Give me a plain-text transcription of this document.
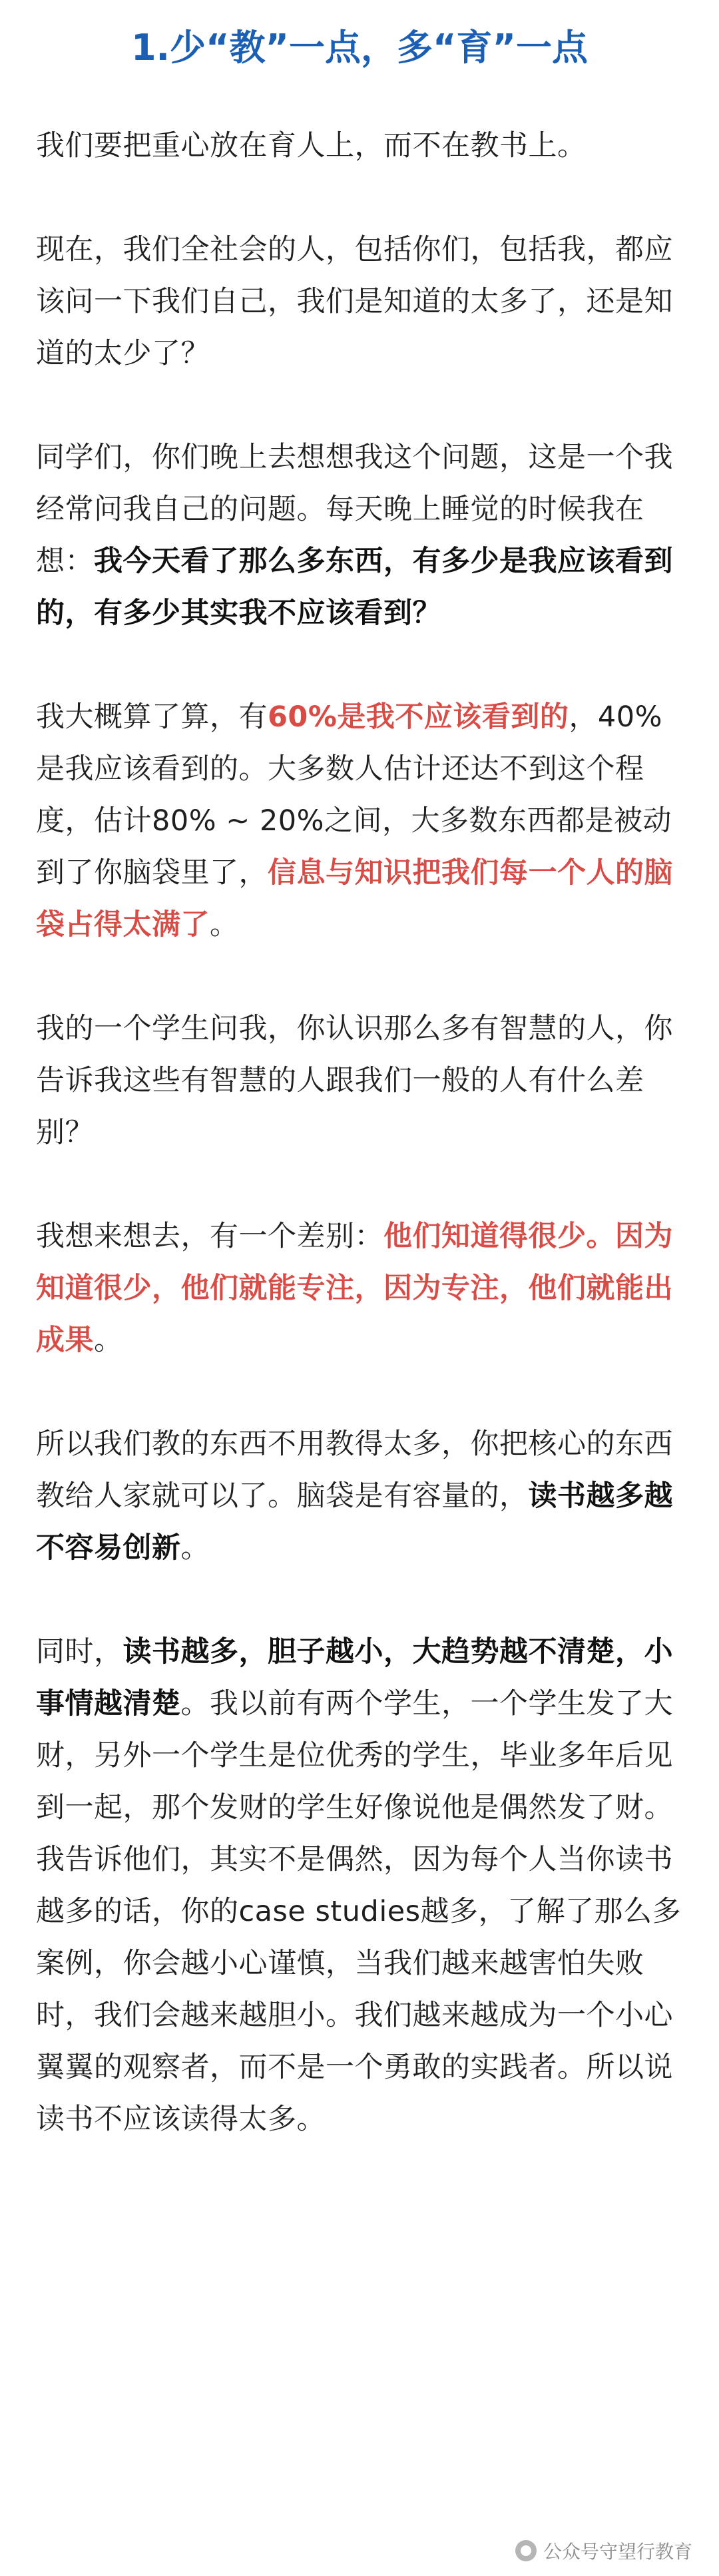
1.少“教”一点，多“育”一点

我们要把重心放在育人上，而不在教书上。

现在，我们全社会的人，包括你们，包括我，都应该问一下我们自己，我们是知道的太多了，还是知道的太少了？

同学们，你们晚上去想想我这个问题，这是一个我经常问我自己的问题。每天晚上睡觉的时候我在想：我今天看了那么多东西，有多少是我应该看到的，有多少其实我不应该看到？

我大概算了算，有60%是我不应该看到的，40%是我应该看到的。大多数人估计还达不到这个程度，估计80% ~ 20%之间，大多数东西都是被动到了你脑袋里了，信息与知识把我们每一个人的脑袋占得太满了。

我的一个学生问我，你认识那么多有智慧的人，你告诉我这些有智慧的人跟我们一般的人有什么差别？

我想来想去，有一个差别：他们知道得很少。因为知道很少，他们就能专注，因为专注，他们就能出成果。

所以我们教的东西不用教得太多，你把核心的东西教给人家就可以了。脑袋是有容量的，读书越多越不容易创新。

同时，读书越多，胆子越小，大趋势越不清楚，小事情越清楚。我以前有两个学生，一个学生发了大财，另外一个学生是位优秀的学生，毕业多年后见到一起，那个发财的学生好像说他是偶然发了财。我告诉他们，其实不是偶然，因为每个人当你读书越多的话，你的case studies越多，了解了那么多案例，你会越小心谨慎，当我们越来越害怕失败时，我们会越来越胆小。我们越来越成为一个小心翼翼的观察者，而不是一个勇敢的实践者。所以说读书不应该读得太多。

公众号守望行教育
